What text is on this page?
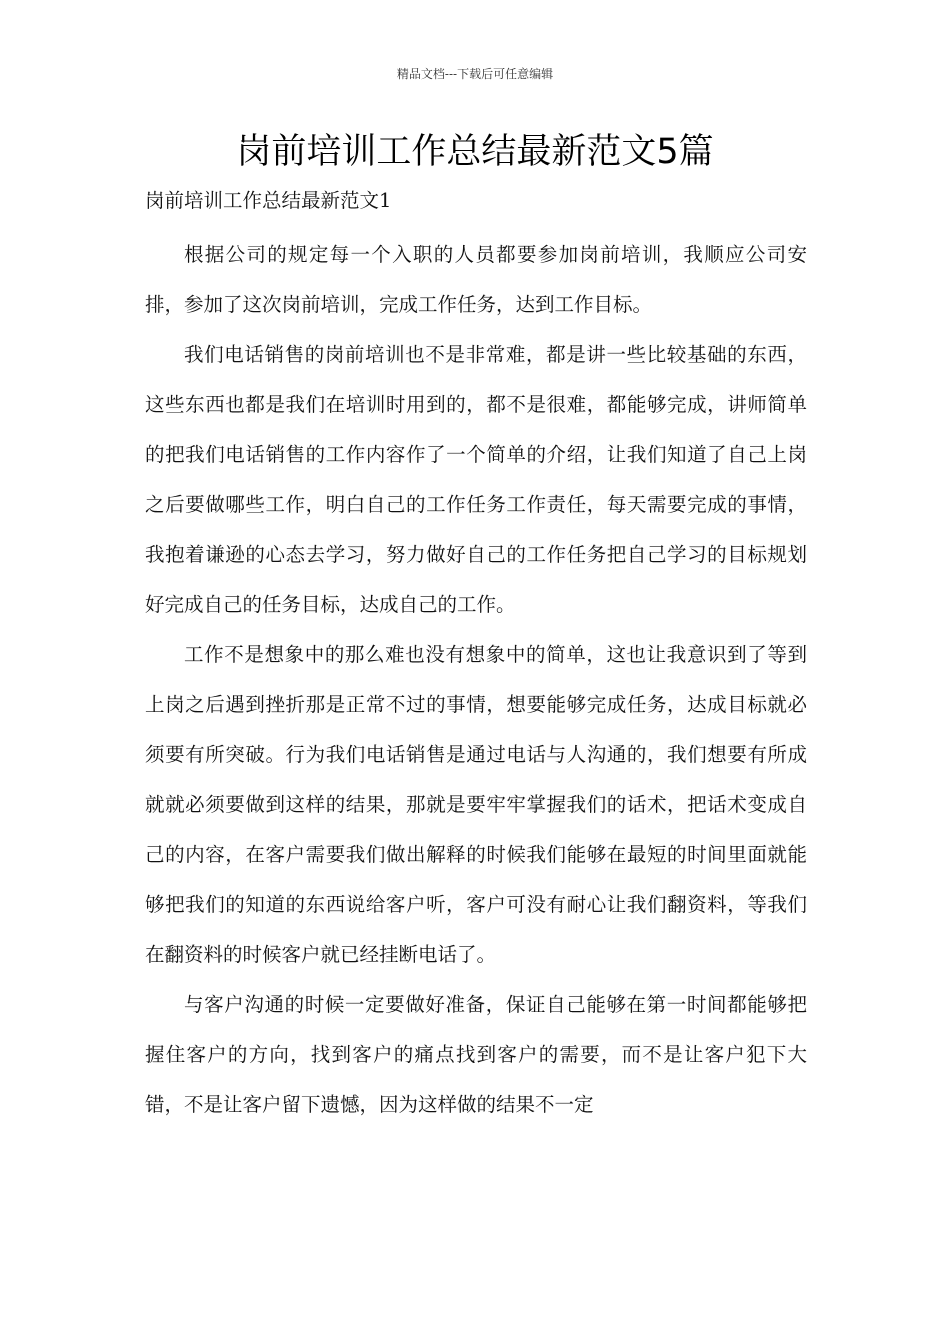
精品文档---下载后可任意编辑
岗前培训工作总结最新范文5篇
岗前培训工作总结最新范文1

根据公司的规定每一个入职的人员都要参加岗前培训，我顺应公司安排，参加了这次岗前培训，完成工作任务，达到工作目标。

我们电话销售的岗前培训也不是非常难，都是讲一些比较基础的东西，这些东西也都是我们在培训时用到的，都不是很难，都能够完成，讲师简单的把我们电话销售的工作内容作了一个简单的介绍，让我们知道了自己上岗之后要做哪些工作，明白自己的工作任务工作责任，每天需要完成的事情，我抱着谦逊的心态去学习，努力做好自己的工作任务把自己学习的目标规划好完成自己的任务目标，达成自己的工作。

工作不是想象中的那么难也没有想象中的简单，这也让我意识到了等到上岗之后遇到挫折那是正常不过的事情，想要能够完成任务，达成目标就必须要有所突破。行为我们电话销售是通过电话与人沟通的，我们想要有所成就就必须要做到这样的结果，那就是要牢牢掌握我们的话术，把话术变成自己的内容，在客户需要我们做出解释的时候我们能够在最短的时间里面就能够把我们的知道的东西说给客户听，客户可没有耐心让我们翻资料，等我们在翻资料的时候客户就已经挂断电话了。

与客户沟通的时候一定要做好准备，保证自己能够在第一时间都能够把握住客户的方向，找到客户的痛点找到客户的需要，而不是让客户犯下大错，不是让客户留下遗憾，因为这样做的结果不一定
